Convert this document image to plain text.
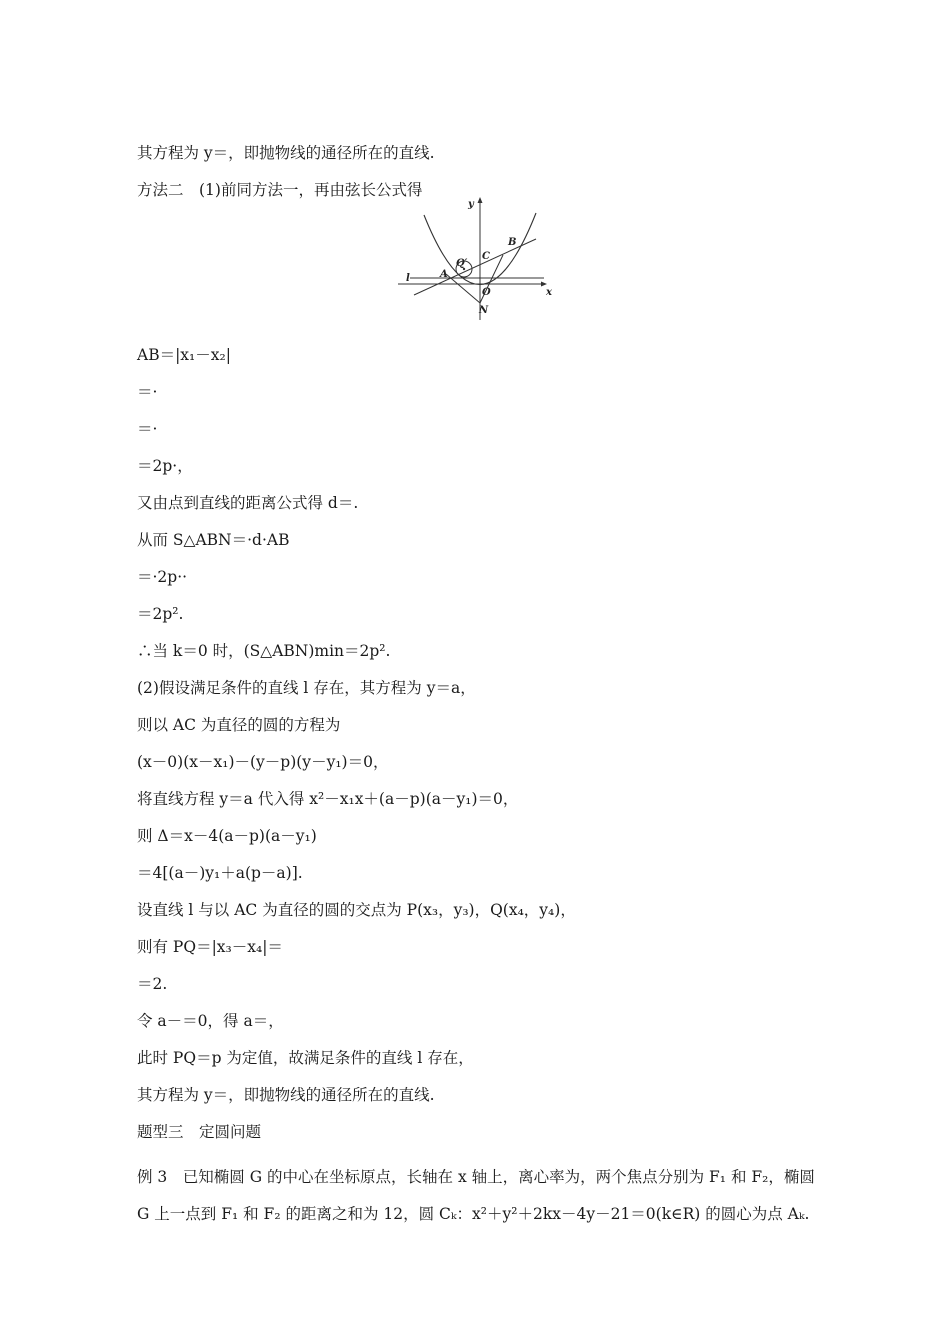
其方程为 y＝，即抛物线的通径所在的直线.
方法二　(1)前同方法一，再由弦长公式得
y
x
B
C
Q′
A
l
O
N
AB＝|x₁－x₂|
＝·
＝·
＝2p·，
又由点到直线的距离公式得 d＝.
从而 S△ABN＝·d·AB
＝·2p··
＝2p².
∴当 k＝0 时，(S△ABN)min＝2p².
(2)假设满足条件的直线 l 存在，其方程为 y＝a，
则以 AC 为直径的圆的方程为
(x－0)(x－x₁)－(y－p)(y－y₁)＝0，
将直线方程 y＝a 代入得 x²－x₁x＋(a－p)(a－y₁)＝0，
则 Δ＝x－4(a－p)(a－y₁)
＝4[(a－)y₁＋a(p－a)].
设直线 l 与以 AC 为直径的圆的交点为 P(x₃，y₃)，Q(x₄，y₄)，
则有 PQ＝|x₃－x₄|＝
＝2.
令 a－＝0，得 a＝，
此时 PQ＝p 为定值，故满足条件的直线 l 存在，
其方程为 y＝，即抛物线的通径所在的直线.
题型三　定圆问题
例 3　已知椭圆 G 的中心在坐标原点，长轴在 x 轴上，离心率为，两个焦点分别为 F₁ 和 F₂，椭圆 G 上一点到 F₁ 和 F₂ 的距离之和为 12，圆 Cₖ：x²＋y²＋2kx－4y－21＝0(k∈R) 的圆心为点 Aₖ.
